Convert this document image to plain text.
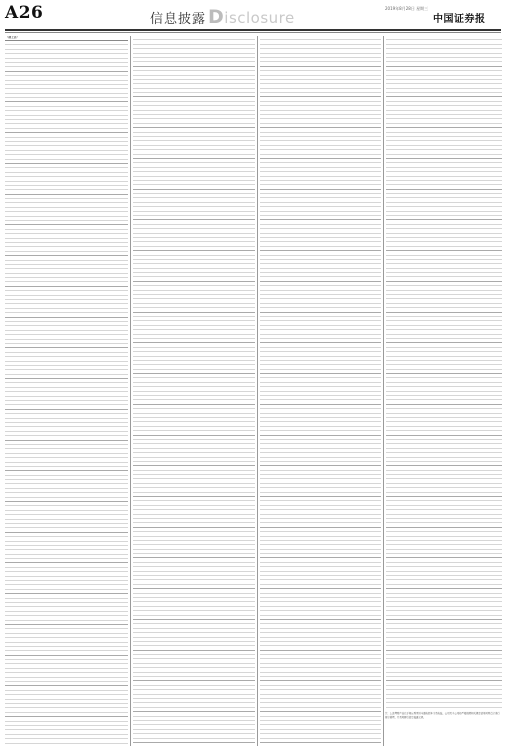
A26	信息披露 Disclosure
2019年8月28日 星期三
中国证券报
（续上表）

注：上述理财产品已于相应到期日全部收回本金及收益。公司及子公司将严格按照相关规定使用闲置资金进行现金管理，并及时履行信息披露义务。
